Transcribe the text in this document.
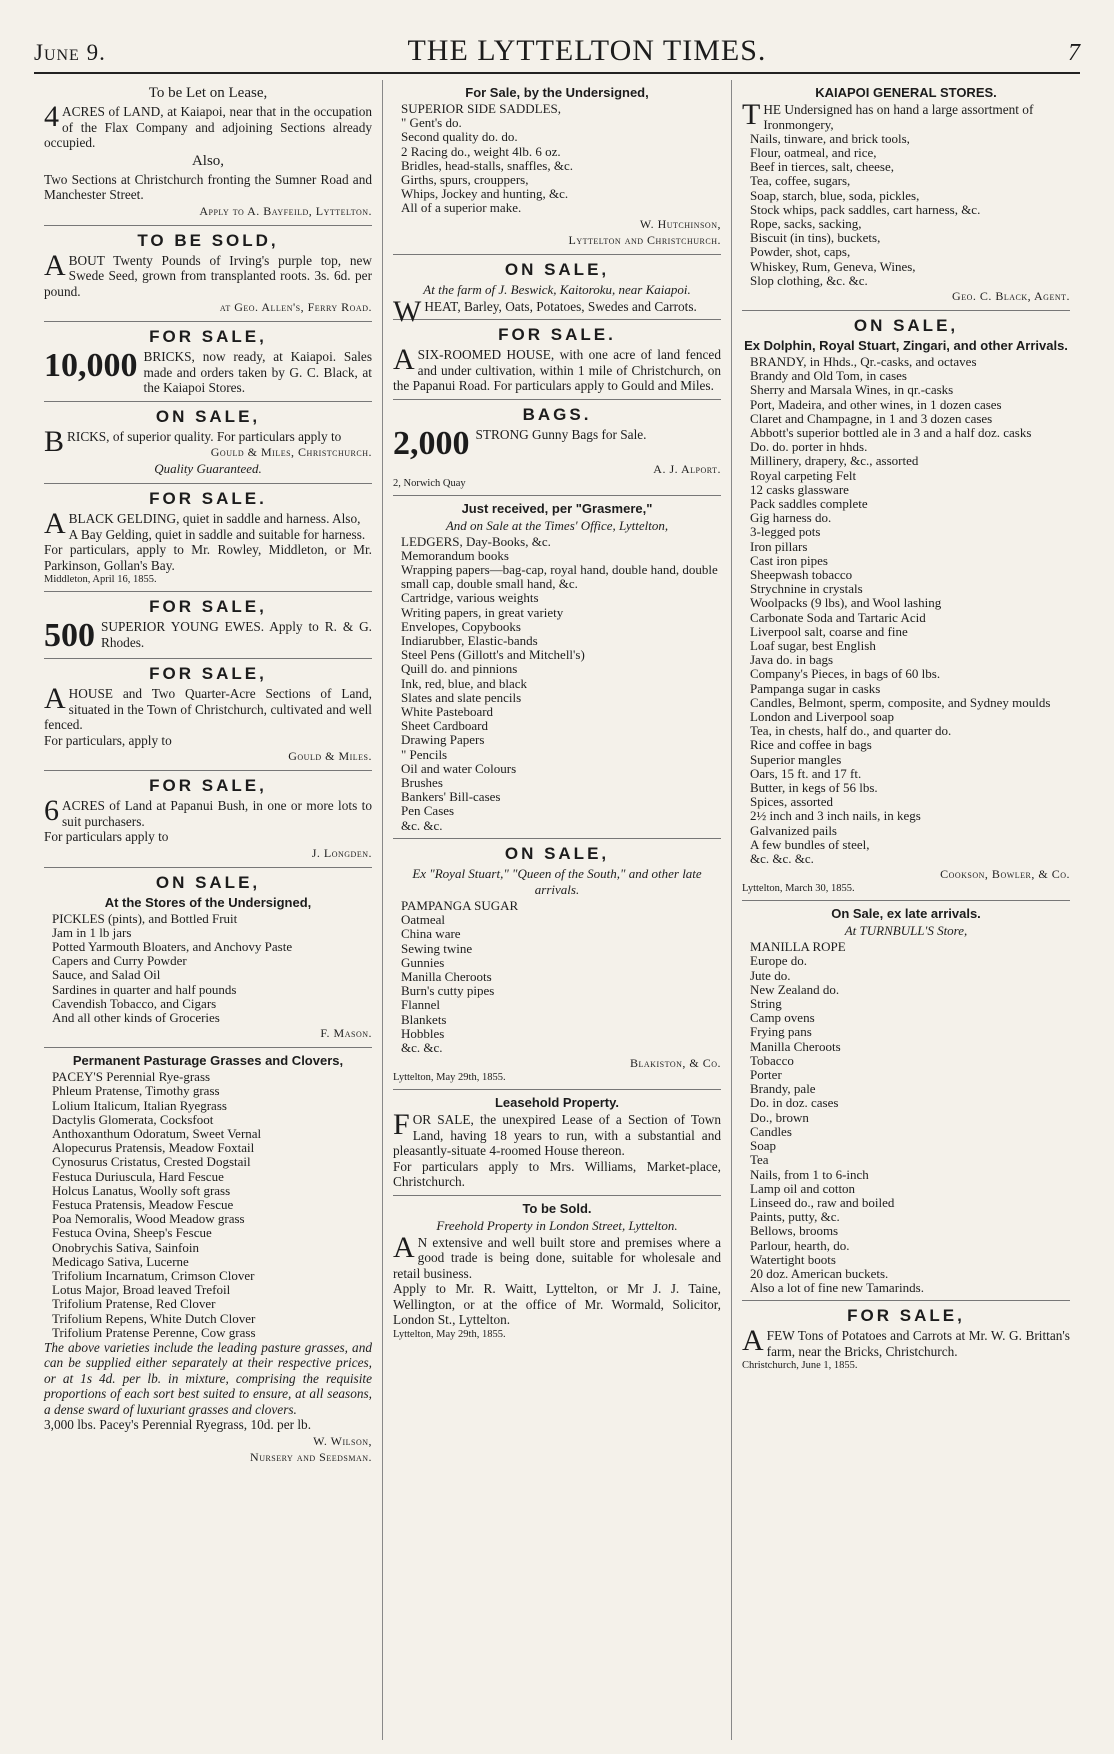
June 9.	THE LYTTELTON TIMES.	7
To be Let on Lease,

4ACRES of LAND, at Kaiapoi, near that in the occupation of the Flax Company and adjoining Sections already occupied.

Also,

Two Sections at Christchurch fronting the Sumner Road and Manchester Street.

Apply to A. Bayfeild, Lyttelton.
TO BE SOLD,

ABOUT Twenty Pounds of Irving's purple top, new Swede Seed, grown from transplanted roots. 3s. 6d. per pound.

at Geo. Allen's, Ferry Road.
FOR SALE,
10,000 BRICKS, now ready, at Kaiapoi. Sales made and orders taken by G. C. Black, at the Kaiapoi Stores.

ON SALE,

BRICKS, of superior quality. For particulars apply to

Gould & Miles, Christchurch.
Quality Guaranteed.
FOR SALE.

ABLACK GELDING, quiet in saddle and harness. Also,

A Bay Gelding, quiet in saddle and suitable for harness.

For particulars, apply to Mr. Rowley, Middleton, or Mr. Parkinson, Gollan's Bay.

Middleton, April 16, 1855.
FOR SALE,
500 SUPERIOR YOUNG EWES. Apply to R. & G. Rhodes.

FOR SALE,

AHOUSE and Two Quarter-Acre Sections of Land, situated in the Town of Christchurch, cultivated and well fenced.

For particulars, apply to

Gould & Miles.
FOR SALE,

6ACRES of Land at Papanui Bush, in one or more lots to suit purchasers.

For particulars apply to

J. Longden.
ON SALE,
At the Stores of the Undersigned,
PICKLES (pints), and Bottled Fruit
Jam in 1 lb jars
Potted Yarmouth Bloaters, and Anchovy Paste
Capers and Curry Powder
Sauce, and Salad Oil
Sardines in quarter and half pounds
Cavendish Tobacco, and Cigars
And all other kinds of Groceries
F. Mason.
Permanent Pasturage Grasses and Clovers,
PACEY'S Perennial Rye-grass
Phleum Pratense, Timothy grass
Lolium Italicum, Italian Ryegrass
Dactylis Glomerata, Cocksfoot
Anthoxanthum Odoratum, Sweet Vernal
Alopecurus Pratensis, Meadow Foxtail
Cynosurus Cristatus, Crested Dogstail
Festuca Duriuscula, Hard Fescue
Holcus Lanatus, Woolly soft grass
Festuca Pratensis, Meadow Fescue
Poa Nemoralis, Wood Meadow grass
Festuca Ovina, Sheep's Fescue
Onobrychis Sativa, Sainfoin
Medicago Sativa, Lucerne
Trifolium Incarnatum, Crimson Clover
Lotus Major, Broad leaved Trefoil
Trifolium Pratense, Red Clover
Trifolium Repens, White Dutch Clover
Trifolium Pratense Perenne, Cow grass

The above varieties include the leading pasture grasses, and can be supplied either separately at their respective prices, or at 1s 4d. per lb. in mixture, comprising the requisite proportions of each sort best suited to ensure, at all seasons, a dense sward of luxuriant grasses and clovers.

3,000 lbs. Pacey's Perennial Ryegrass, 10d. per lb.

W. Wilson,
Nursery and Seedsman.
For Sale, by the Undersigned,
SUPERIOR SIDE SADDLES,
" Gent's do.
Second quality do. do.
2 Racing do., weight 4lb. 6 oz.
Bridles, head-stalls, snaffles, &c.
Girths, spurs, crouppers,
Whips, Jockey and hunting, &c.
All of a superior make.
W. Hutchinson,
Lyttelton and Christchurch.
ON SALE,
At the farm of J. Beswick, Kaitoroku, near Kaiapoi.

WHEAT, Barley, Oats, Potatoes, Swedes and Carrots.

FOR SALE.

ASIX-ROOMED HOUSE, with one acre of land fenced and under cultivation, within 1 mile of Christchurch, on the Papanui Road. For particulars apply to Gould and Miles.

BAGS.
2,000 STRONG Gunny Bags for Sale.

A. J. Alport.
2, Norwich Quay
Just received, per "Grasmere,"
And on Sale at the Times' Office, Lyttelton,
LEDGERS, Day-Books, &c.
Memorandum books
Wrapping papers—bag-cap, royal hand, double hand, double small cap, double small hand, &c.
Cartridge, various weights
Writing papers, in great variety
Envelopes, Copybooks
Indiarubber, Elastic-bands
Steel Pens (Gillott's and Mitchell's)
Quill do. and pinnions
Ink, red, blue, and black
Slates and slate pencils
White Pasteboard
Sheet Cardboard
Drawing Papers
" Pencils
Oil and water Colours
Brushes
Bankers' Bill-cases
Pen Cases
&c. &c.
ON SALE,
Ex "Royal Stuart," "Queen of the South," and other late arrivals.
PAMPANGA SUGAR
Oatmeal
China ware
Sewing twine
Gunnies
Manilla Cheroots
Burn's cutty pipes
Flannel
Blankets
Hobbles
&c. &c.
Blakiston, & Co.
Lyttelton, May 29th, 1855.
Leasehold Property.

FOR SALE, the unexpired Lease of a Section of Town Land, having 18 years to run, with a substantial and pleasantly-situate 4-roomed House thereon.

For particulars apply to Mrs. Williams, Market-place, Christchurch.

To be Sold.
Freehold Property in London Street, Lyttelton.

AN extensive and well built store and premises where a good trade is being done, suitable for wholesale and retail business.

Apply to Mr. R. Waitt, Lyttelton, or Mr J. J. Taine, Wellington, or at the office of Mr. Wormald, Solicitor, London St., Lyttelton.

Lyttelton, May 29th, 1855.
KAIAPOI GENERAL STORES.

THE Undersigned has on hand a large assortment of

Ironmongery,
Nails, tinware, and brick tools,
Flour, oatmeal, and rice,
Beef in tierces, salt, cheese,
Tea, coffee, sugars,
Soap, starch, blue, soda, pickles,
Stock whips, pack saddles, cart harness, &c.
Rope, sacks, sacking,
Biscuit (in tins), buckets,
Powder, shot, caps,
Whiskey, Rum, Geneva, Wines,
Slop clothing, &c. &c.
Geo. C. Black, Agent.
ON SALE,
Ex Dolphin, Royal Stuart, Zingari, and other Arrivals.
BRANDY, in Hhds., Qr.-casks, and octaves
Brandy and Old Tom, in cases
Sherry and Marsala Wines, in qr.-casks
Port, Madeira, and other wines, in 1 dozen cases
Claret and Champagne, in 1 and 3 dozen cases
Abbott's superior bottled ale in 3 and a half doz. casks
Do. do. porter in hhds.
Millinery, drapery, &c., assorted
Royal carpeting Felt
12 casks glassware
Pack saddles complete
Gig harness do.
3-legged pots
Iron pillars
Cast iron pipes
Sheepwash tobacco
Strychnine in crystals
Woolpacks (9 lbs), and Wool lashing
Carbonate Soda and Tartaric Acid
Liverpool salt, coarse and fine
Loaf sugar, best English
Java do. in bags
Company's Pieces, in bags of 60 lbs.
Pampanga sugar in casks
Candles, Belmont, sperm, composite, and Sydney moulds
London and Liverpool soap
Tea, in chests, half do., and quarter do.
Rice and coffee in bags
Superior mangles
Oars, 15 ft. and 17 ft.
Butter, in kegs of 56 lbs.
Spices, assorted
2½ inch and 3 inch nails, in kegs
Galvanized pails
A few bundles of steel,
&c. &c. &c.
Cookson, Bowler, & Co.
Lyttelton, March 30, 1855.
On Sale, ex late arrivals.
At TURNBULL'S Store,
MANILLA ROPE
Europe do.
Jute do.
New Zealand do.
String
Camp ovens
Frying pans
Manilla Cheroots
Tobacco
Porter
Brandy, pale
Do. in doz. cases
Do., brown
Candles
Soap
Tea
Nails, from 1 to 6-inch
Lamp oil and cotton
Linseed do., raw and boiled
Paints, putty, &c.
Bellows, brooms
Parlour, hearth, do.
Watertight boots
20 doz. American buckets.
Also a lot of fine new Tamarinds.
FOR SALE,

AFEW Tons of Potatoes and Carrots at Mr. W. G. Brittan's farm, near the Bricks, Christchurch.

Christchurch, June 1, 1855.
